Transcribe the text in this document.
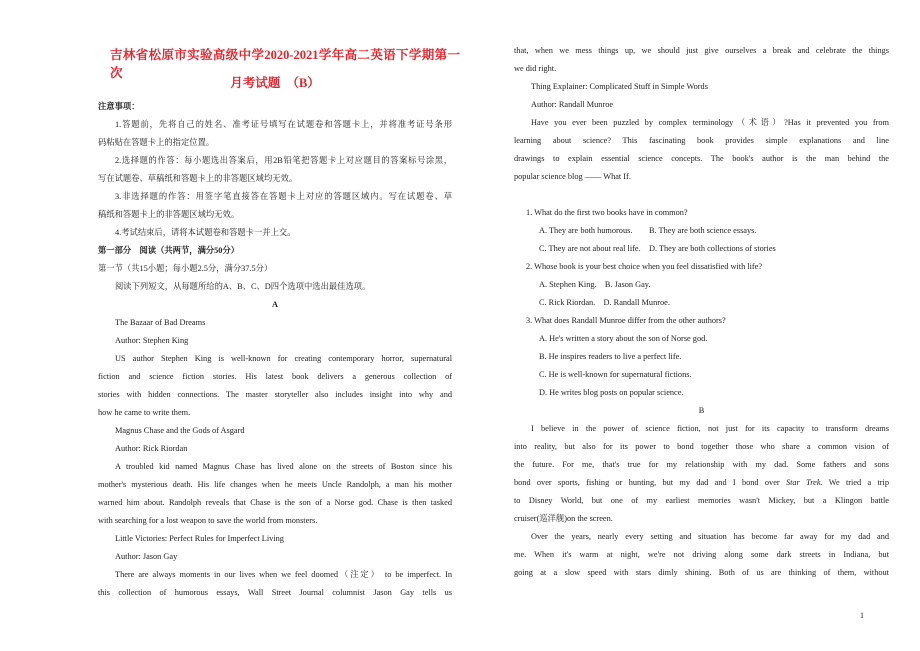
吉林省松原市实验高级中学2020-2021学年高二英语下学期第一次
月考试题　（B）
注意事项：
1.答题前，先将自己的姓名、准考证号填写在试题卷和答题卡上，并将准考证号条形
码粘贴在答题卡上的指定位置。
2.选择题的作答：每小题选出答案后，用2B铅笔把答题卡上对应题目的答案标号涂黑，
写在试题卷、草稿纸和答题卡上的非答题区域均无效。
3.非选择题的作答：用签字笔直接答在答题卡上对应的答题区域内。写在试题卷、草
稿纸和答题卡上的非答题区域均无效。
4.考试结束后，请将本试题卷和答题卡一并上交。
第一部分　阅读（共两节，满分50分）
第一节（共15小题；每小题2.5分，满分37.5分）
阅读下列短文，从每题所给的A、B、C、D四个选项中选出最佳选项。
A
The Bazaar of Bad Dreams
Author: Stephen King
US author Stephen King is well-known for creating contemporary horror, supernatural
fiction and science fiction stories. His latest book delivers a generous collection of
stories with hidden connections. The master storyteller also includes insight into why and
how he came to write them.
Magnus Chase and the Gods of Asgard
Author: Rick Riordan
A troubled kid named Magnus Chase has lived alone on the streets of Boston since his
mother's mysterious death. His life changes when he meets Uncle Randolph, a man his mother
warned him about. Randolph reveals that Chase is the son of a Norse god. Chase is then tasked
with searching for a lost weapon to save the world from monsters.
Little Victories: Perfect Rules for Imperfect Living
Author: Jason Gay
There are always moments in our lives when we feel doomed（注定） to be imperfect. In
this collection of humorous essays, Wall Street Journal columnist Jason Gay tells us
that, when we mess things up, we should just give ourselves a break and celebrate the things
we did right.
Thing Explainer: Complicated Stuff in Simple Words
Author: Randall Munroe
Have you ever been puzzled by complex terminology（术语）?Has it prevented you from
learning about science? This fascinating book provides simple explanations and line
drawings to explain essential science concepts. The book's author is the man behind the
popular science blog —— What If.
1. What do the first two books have in common?
A. They are both humorous.　　B. They are both science essays.
C. They are not about real life.　D. They are both collections of stories
2. Whose book is your best choice when you feel dissatisfied with life?
A. Stephen King.　B. Jason Gay.
C. Rick Riordan.　D. Randall Munroe.
3. What does Randall Munroe differ from the other authors?
A. He's written a story about the son of Norse god.
B. He inspires readers to live a perfect life.
C. He is well-known for supernatural fictions.
D. He writes blog posts on popular science.
B
I believe in the power of science fiction, not just for its capacity to transform dreams
into reality, but also for its power to bond together those who share a common vision of
the future. For me, that's true for my relationship with my dad. Some fathers and sons
bond over sports, fishing or hunting, but my dad and I bond over Star Trek. We tried a trip
to Disney World, but one of my earliest memories wasn't Mickey, but a Klingon battle
cruiser(巡洋舰)on the screen.
Over the years, nearly every setting and situation has become far away for my dad and
me. When it's warm at night, we're not driving along some dark streets in Indiana, but
going at a slow speed with stars dimly shining. Both of us are thinking of them, without
1
